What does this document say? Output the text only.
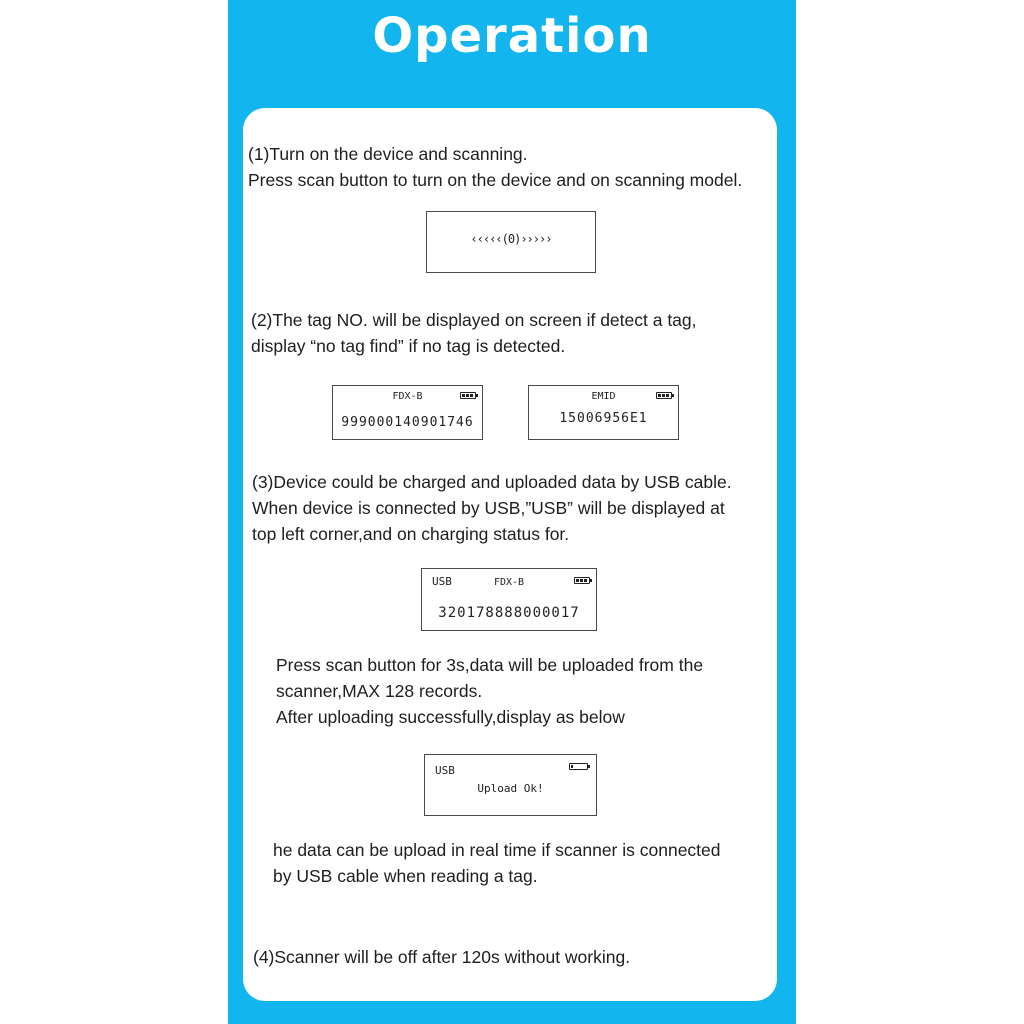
Operation

(1)Turn on the device and scanning.
Press scan button to turn on the device and on scanning model.

‹‹‹‹‹(0)›››››

(2)The tag NO. will be displayed on screen if detect a tag,
display “no tag find” if no tag is detected.

FDX-B
999000140901746
EMID
15006956E1

(3)Device could be charged and uploaded data by USB cable.
When device is connected by USB,”USB” will be displayed at
top left corner,and on charging status for.

USB	FDX-B
320178888000017

Press scan button for 3s,data will be uploaded from the
scanner,MAX 128 records.
After uploading successfully,display as below

USB
Upload Ok!

he data can be upload in real time if scanner is connected
by USB cable when reading a tag.

(4)Scanner will be off after 120s without working.
